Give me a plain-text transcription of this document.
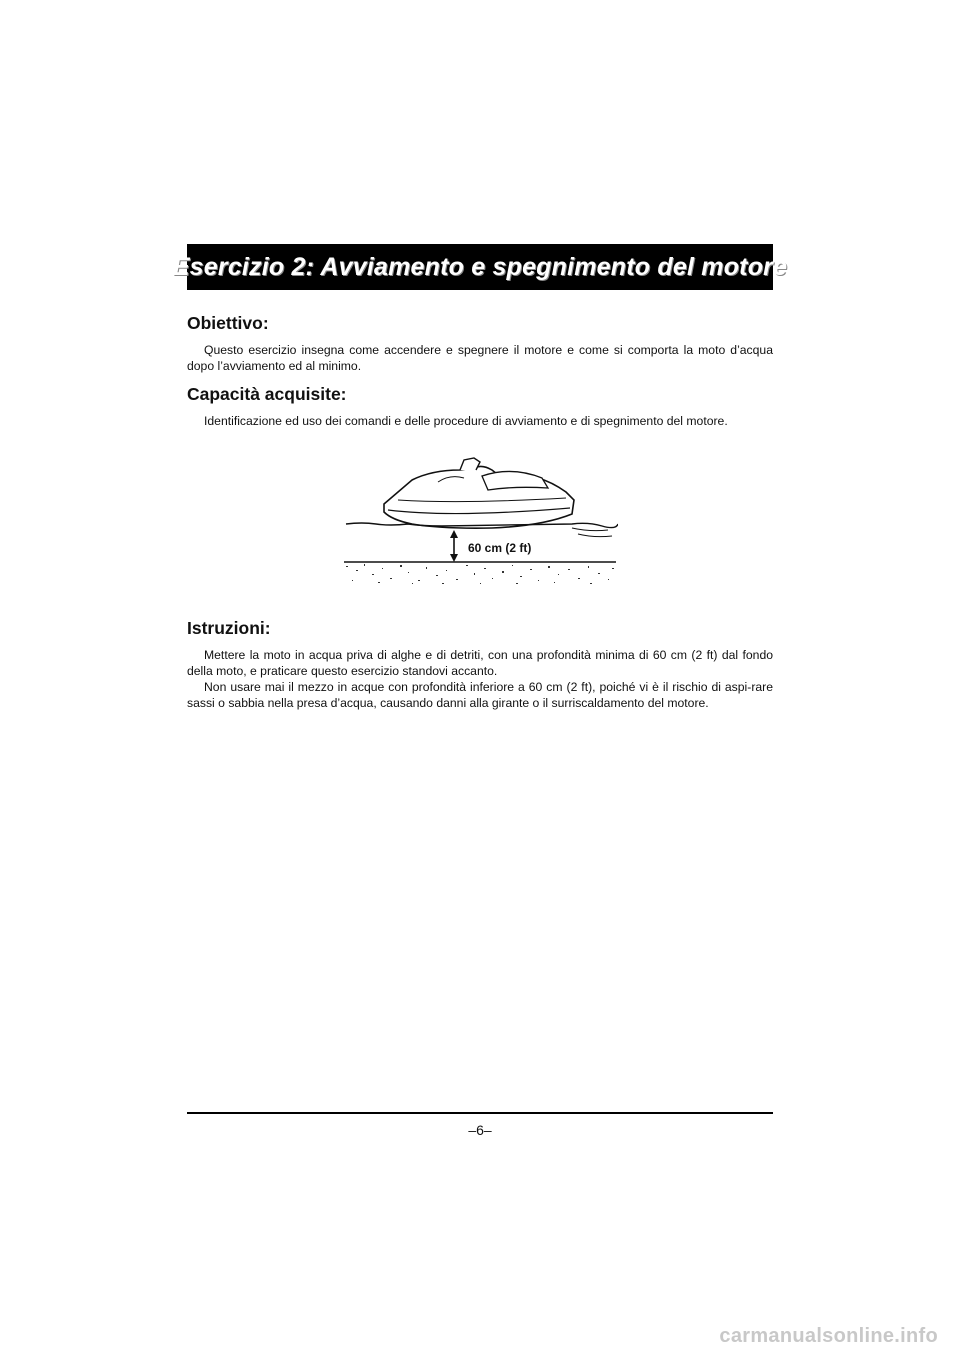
Esercizio 2: Avviamento e spegnimento del motore
Obiettivo:

Questo esercizio insegna come accendere e spegnere il motore e come si comporta la moto d’acqua dopo l’avviamento ed al minimo.

Capacità acquisite:

Identificazione ed uso dei comandi e delle procedure di avviamento e di spegnimento del motore.

60 cm (2 ft)
Istruzioni:

Mettere la moto in acqua priva di alghe e di detriti, con una profondità minima di 60 cm (2 ft) dal fondo della moto, e praticare questo esercizio standovi accanto.

Non usare mai il mezzo in acque con profondità inferiore a 60 cm (2 ft), poiché vi è il rischio di aspi-rare sassi o sabbia nella presa d’acqua, causando danni alla girante o il surriscaldamento del motore.

–6–
carmanualsonline.info
